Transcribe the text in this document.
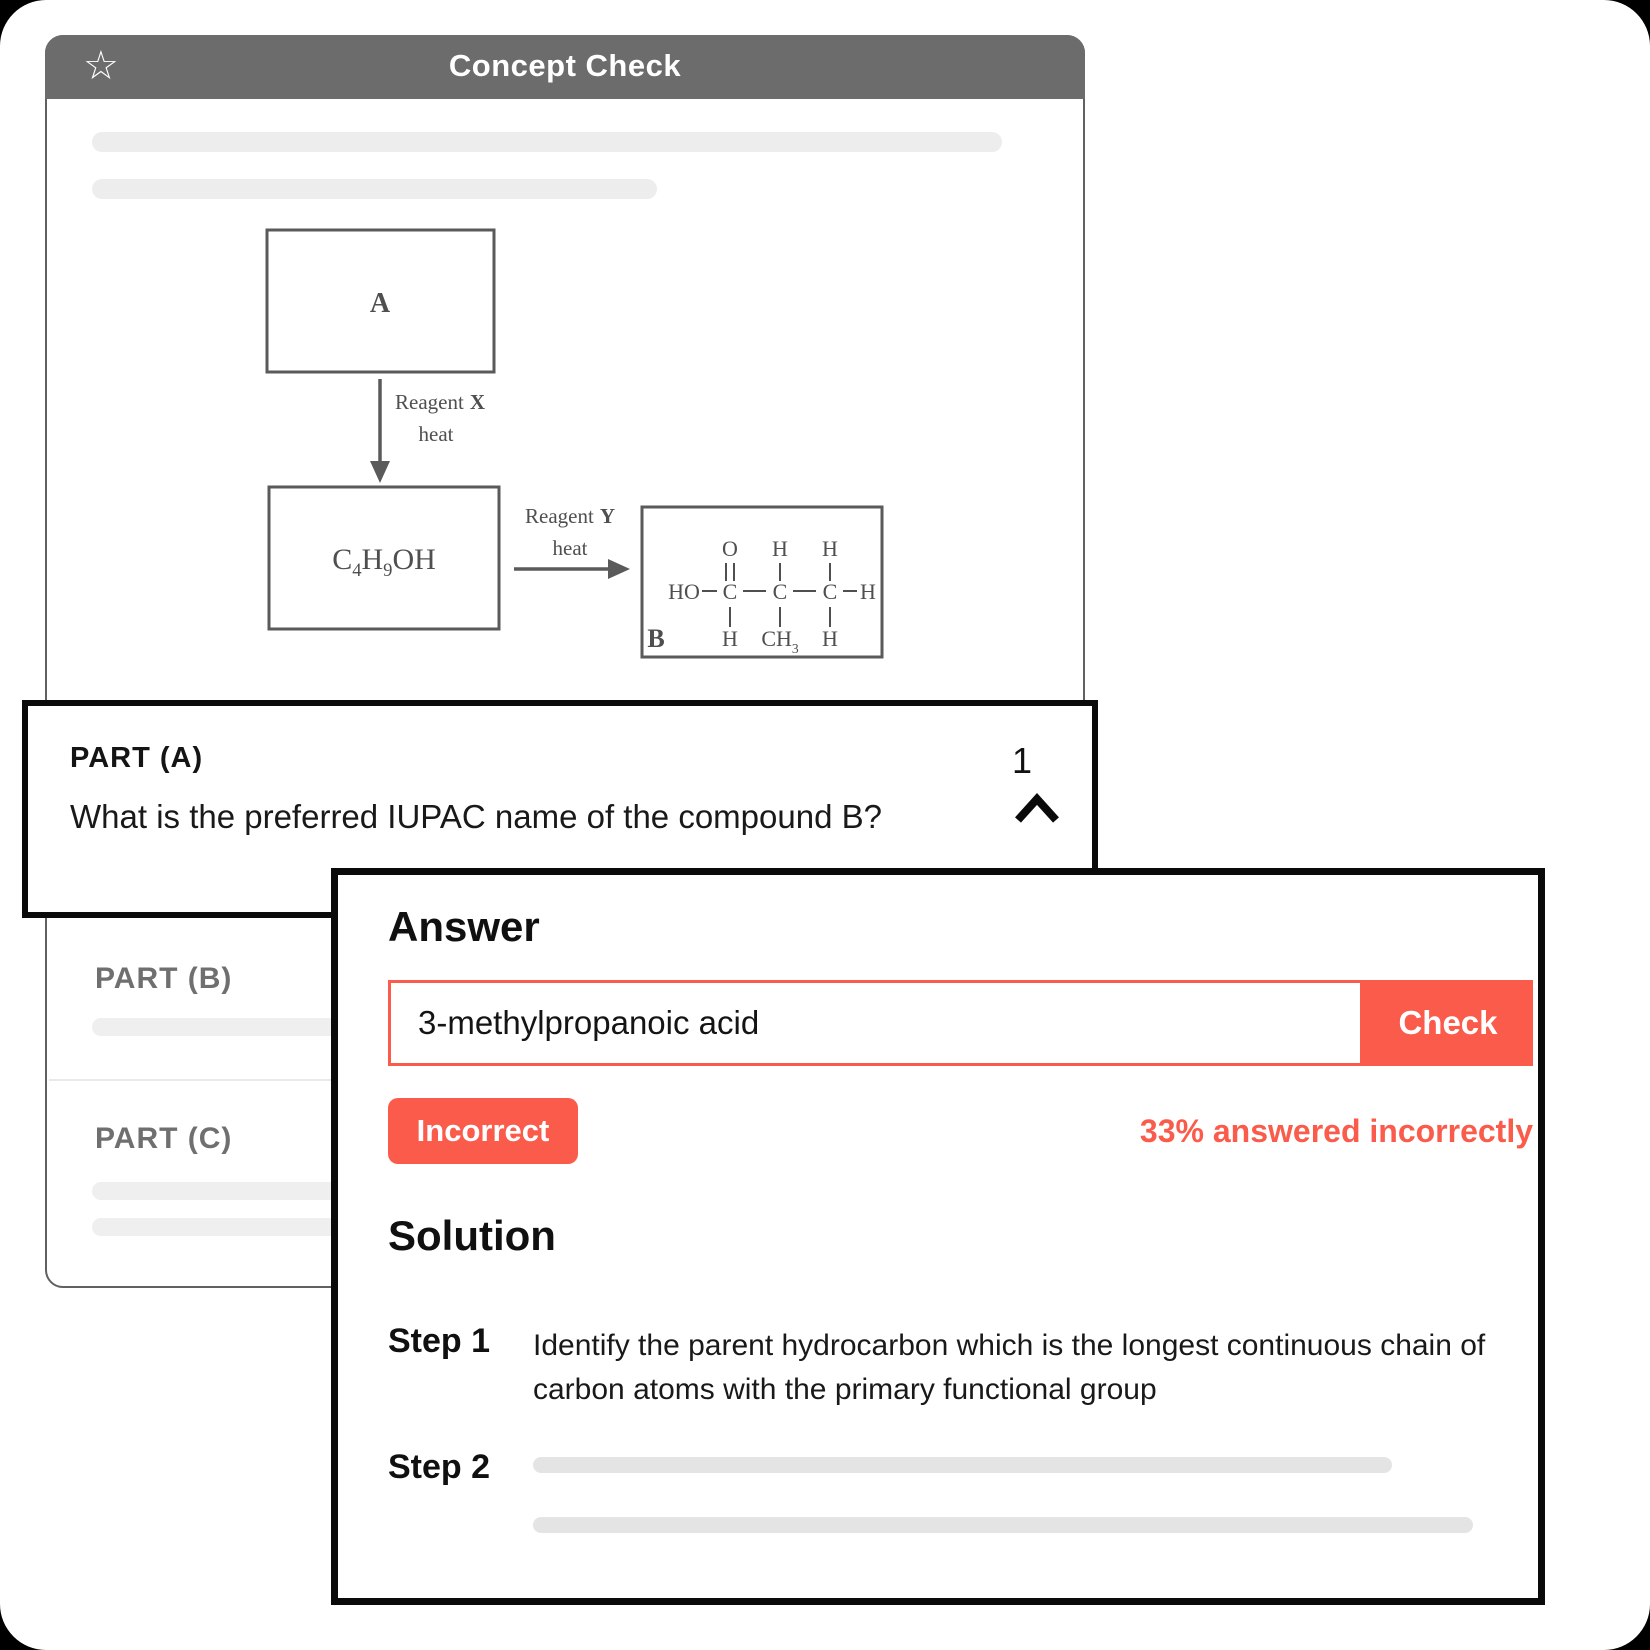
☆	Concept Check
A
Reagent X
heat
$C_4H_9OH$
Reagent Y
heat	O H H
HO C C C H
H $CH_3$ H
B
PART (B)
PART (C)
PART (A)
What is the preferred IUPAC name of the compound B?
1
Answer
3-methylpropanoic acid
Check
Incorrect	33% answered incorrectly
Solution
Step 1 Identify the parent hydrocarbon which is the longest continuous chain of
carbon atoms with the primary functional group
Step 2
